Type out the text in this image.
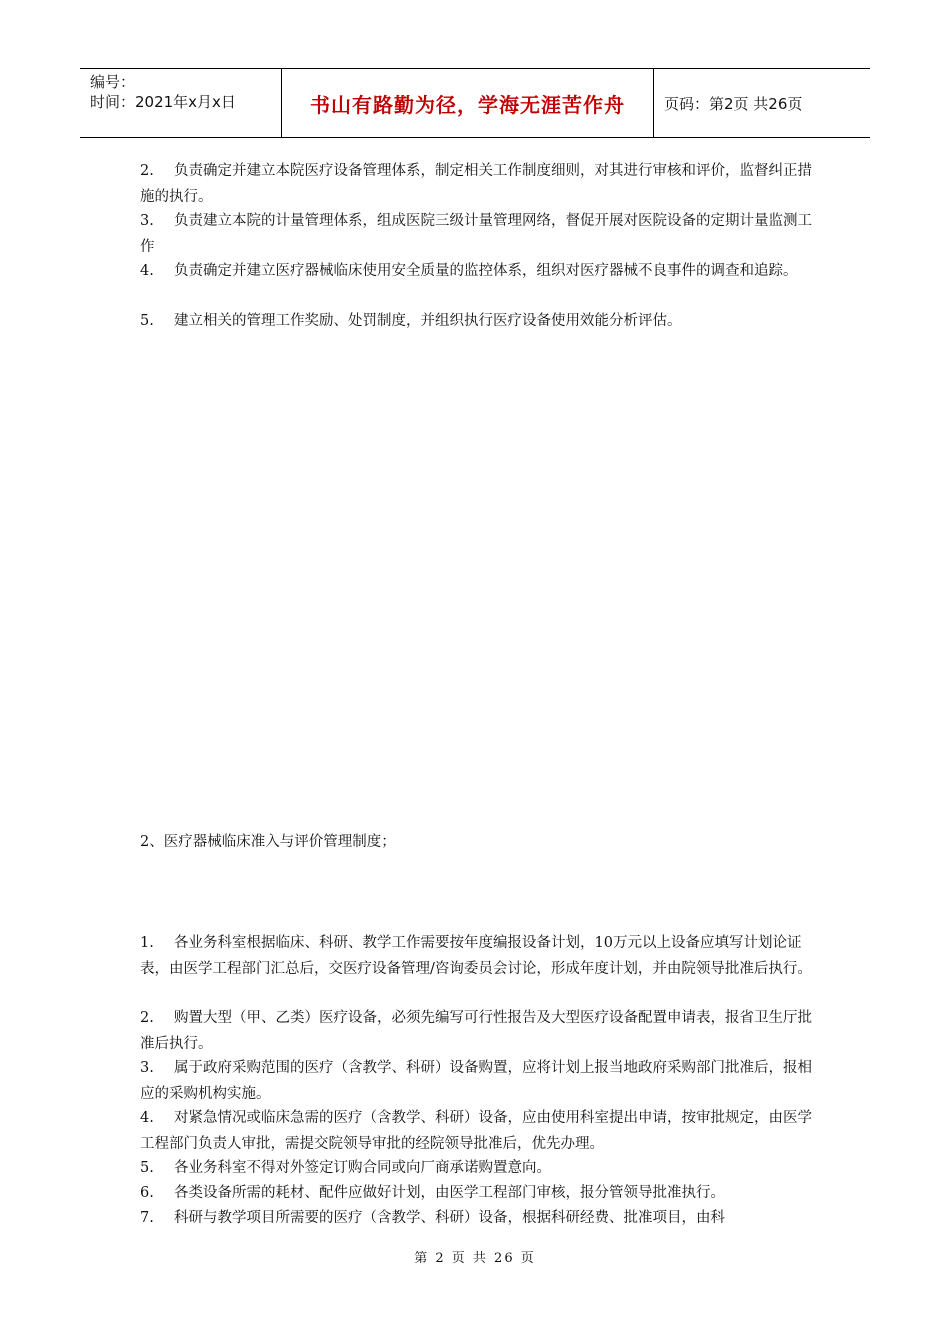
编号：
时间：2021年x月x日	书山有路勤为径，学海无涯苦作舟	页码：第2页 共26页
2. 负责确定并建立本院医疗设备管理体系，制定相关工作制度细则，对其进行审核和评价，监督纠正措施的执行。
3. 负责建立本院的计量管理体系，组成医院三级计量管理网络，督促开展对医院设备的定期计量监测工作
4. 负责确定并建立医疗器械临床使用安全质量的监控体系，组织对医疗器械不良事件的调查和追踪。
5. 建立相关的管理工作奖励、处罚制度，并组织执行医疗设备使用效能分析评估。
2、医疗器械临床准入与评价管理制度；
1. 各业务科室根据临床、科研、教学工作需要按年度编报设备计划，10万元以上设备应填写计划论证表，由医学工程部门汇总后，交医疗设备管理/咨询委员会讨论，形成年度计划，并由院领导批准后执行。
2. 购置大型（甲、乙类）医疗设备，必须先编写可行性报告及大型医疗设备配置申请表，报省卫生厅批准后执行。
3. 属于政府采购范围的医疗（含教学、科研）设备购置，应将计划上报当地政府采购部门批准后，报相应的采购机构实施。
4. 对紧急情况或临床急需的医疗（含教学、科研）设备，应由使用科室提出申请，按审批规定，由医学工程部门负责人审批，需提交院领导审批的经院领导批准后，优先办理。
5. 各业务科室不得对外签定订购合同或向厂商承诺购置意向。
6. 各类设备所需的耗材、配件应做好计划，由医学工程部门审核，报分管领导批准执行。
7. 科研与教学项目所需要的医疗（含教学、科研）设备，根据科研经费、批准项目，由科
第 2 页 共 26 页
